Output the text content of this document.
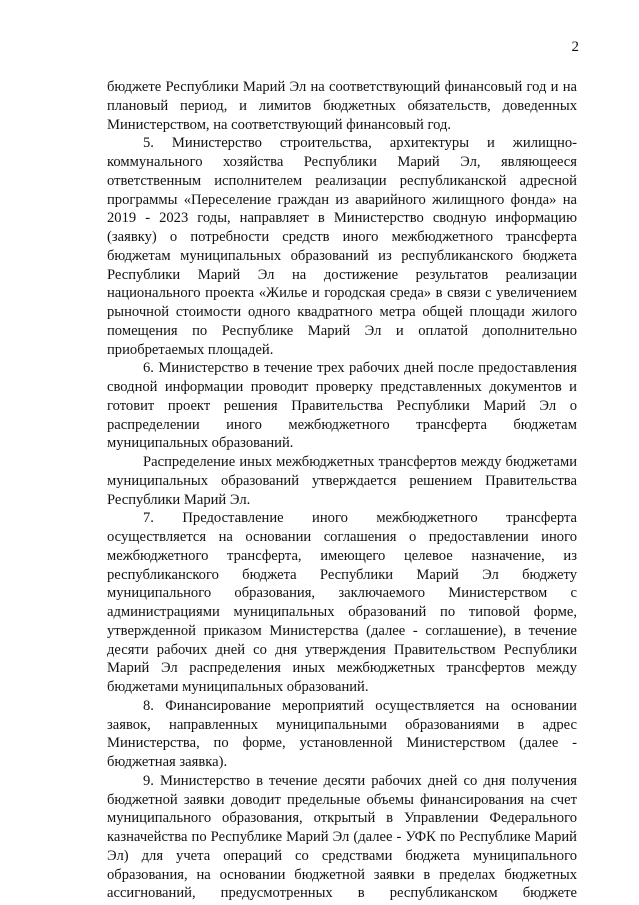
2

бюджете Республики Марий Эл на соответствующий финансовый год и на плановый период, и лимитов бюджетных обязательств, доведенных Министерством, на соответствующий финансовый год.

5. Министерство строительства, архитектуры и жилищно-коммунального хозяйства Республики Марий Эл, являющееся ответственным исполнителем реализации республиканской адресной программы «Переселение граждан из аварийного жилищного фонда» на 2019 - 2023 годы, направляет в Министерство сводную информацию (заявку) о потребности средств иного межбюджетного трансферта бюджетам муниципальных образований из республиканского бюджета Республики Марий Эл на достижение результатов реализации национального проекта «Жилье и городская среда» в связи с увеличением рыночной стоимости одного квадратного метра общей площади жилого помещения по Республике Марий Эл и оплатой дополнительно приобретаемых площадей.

6. Министерство в течение трех рабочих дней после предоставления сводной информации проводит проверку представленных документов и готовит проект решения Правительства Республики Марий Эл о распределении иного межбюджетного трансферта бюджетам муниципальных образований.

Распределение иных межбюджетных трансфертов между бюджетами муниципальных образований утверждается решением Правительства Республики Марий Эл.

7. Предоставление иного межбюджетного трансферта осуществляется на основании соглашения о предоставлении иного межбюджетного трансферта, имеющего целевое назначение, из республиканского бюджета Республики Марий Эл бюджету муниципального образования, заключаемого Министерством с администрациями муниципальных образований по типовой форме, утвержденной приказом Министерства (далее - соглашение), в течение десяти рабочих дней со дня утверждения Правительством Республики Марий Эл распределения иных межбюджетных трансфертов между бюджетами муниципальных образований.

8. Финансирование мероприятий осуществляется на основании заявок, направленных муниципальными образованиями в адрес Министерства, по форме, установленной Министерством (далее - бюджетная заявка).

9. Министерство в течение десяти рабочих дней со дня получения бюджетной заявки доводит предельные объемы финансирования на счет муниципального образования, открытый в Управлении Федерального казначейства по Республике Марий Эл (далее - УФК по Республике Марий Эл) для учета операций со средствами бюджета муниципального образования, на основании бюджетной заявки в пределах бюджетных ассигнований, предусмотренных в республиканском бюджете
